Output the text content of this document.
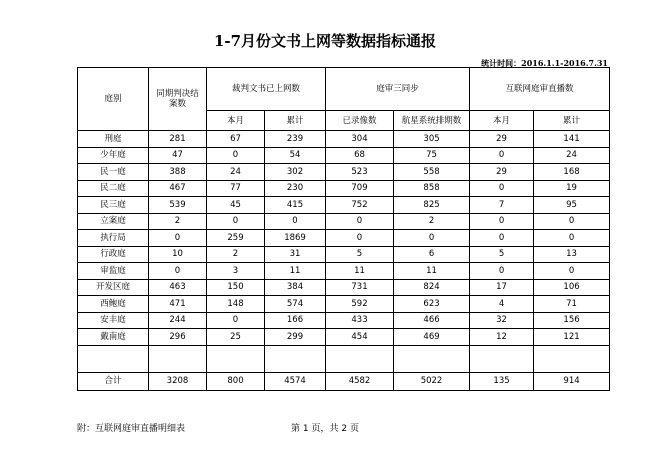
1-7月份文书上网等数据指标通报
统计时间：2016.1.1-2016.7.31
庭别	同期判决结案数	裁判文书已上网数		庭审三同步		互联网庭审直播数	
		本月	累计	已录像数	航星系统排期数	本月	累计
刑庭	281	67	239	304	305	29	141
少年庭	47	0	54	68	75	0	24
民一庭	388	24	302	523	558	29	168
民二庭	467	77	230	709	858	0	19
民三庭	539	45	415	752	825	7	95
立案庭	2	0	0	0	2	0	0
执行局	0	259	1869	0	0	0	0
行政庭	10	2	31	5	6	5	13
审监庭	0	3	11	11	11	0	0
开发区庭	463	150	384	731	824	17	106
西鲍庭	471	148	574	592	623	4	71
安丰庭	244	0	166	433	466	32	156
戴南庭	296	25	299	454	469	12	121

合计	3208	800	4574	4582	5022	135	914
附：互联网庭审直播明细表	第 1 页，共 2 页
